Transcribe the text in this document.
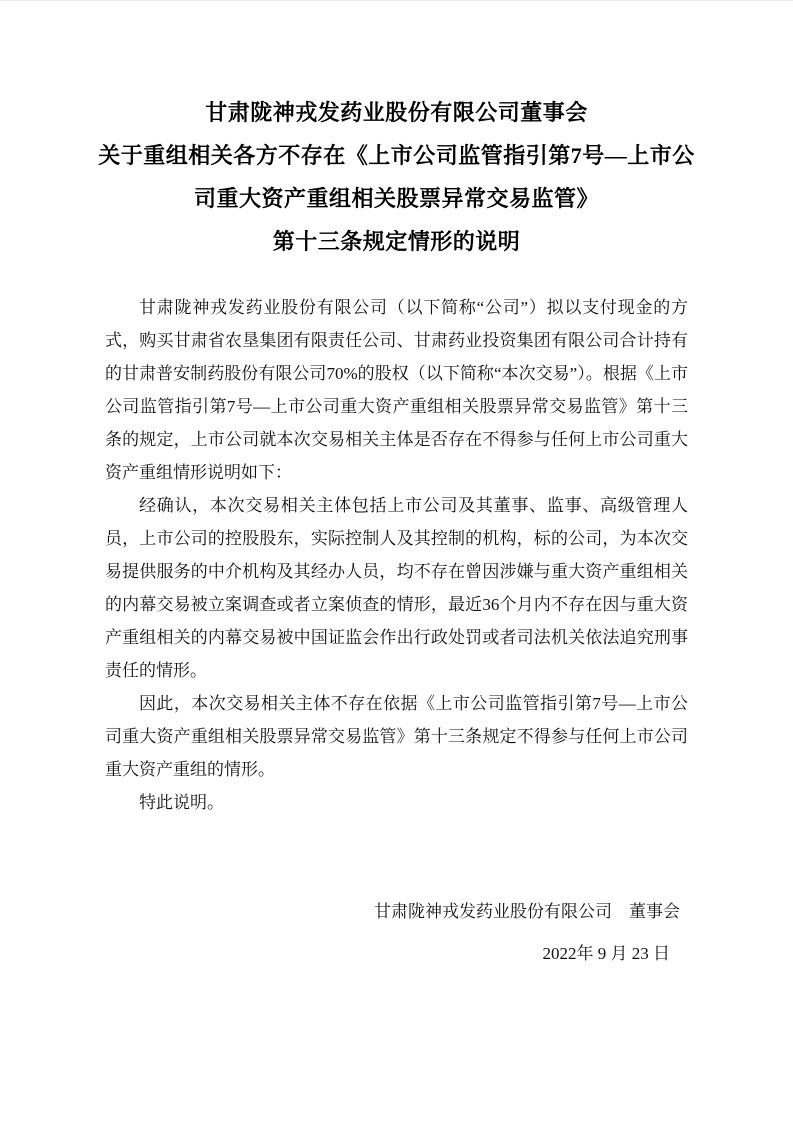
甘肃陇神戎发药业股份有限公司董事会
关于重组相关各方不存在《上市公司监管指引第7号—上市公
司重大资产重组相关股票异常交易监管》
第十三条规定情形的说明

甘肃陇神戎发药业股份有限公司（以下简称“公司”）拟以支付现金的方式，购买甘肃省农垦集团有限责任公司、甘肃药业投资集团有限公司合计持有的甘肃普安制药股份有限公司70%的股权（以下简称“本次交易”）。根据《上市公司监管指引第7号—上市公司重大资产重组相关股票异常交易监管》第十三条的规定，上市公司就本次交易相关主体是否存在不得参与任何上市公司重大资产重组情形说明如下：

经确认，本次交易相关主体包括上市公司及其董事、监事、高级管理人员，上市公司的控股股东，实际控制人及其控制的机构，标的公司，为本次交易提供服务的中介机构及其经办人员，均不存在曾因涉嫌与重大资产重组相关的内幕交易被立案调查或者立案侦查的情形，最近36个月内不存在因与重大资产重组相关的内幕交易被中国证监会作出行政处罚或者司法机关依法追究刑事责任的情形。

因此，本次交易相关主体不存在依据《上市公司监管指引第7号—上市公司重大资产重组相关股票异常交易监管》第十三条规定不得参与任何上市公司重大资产重组的情形。

特此说明。

甘肃陇神戎发药业股份有限公司　董事会
2022年 9 月 23 日
